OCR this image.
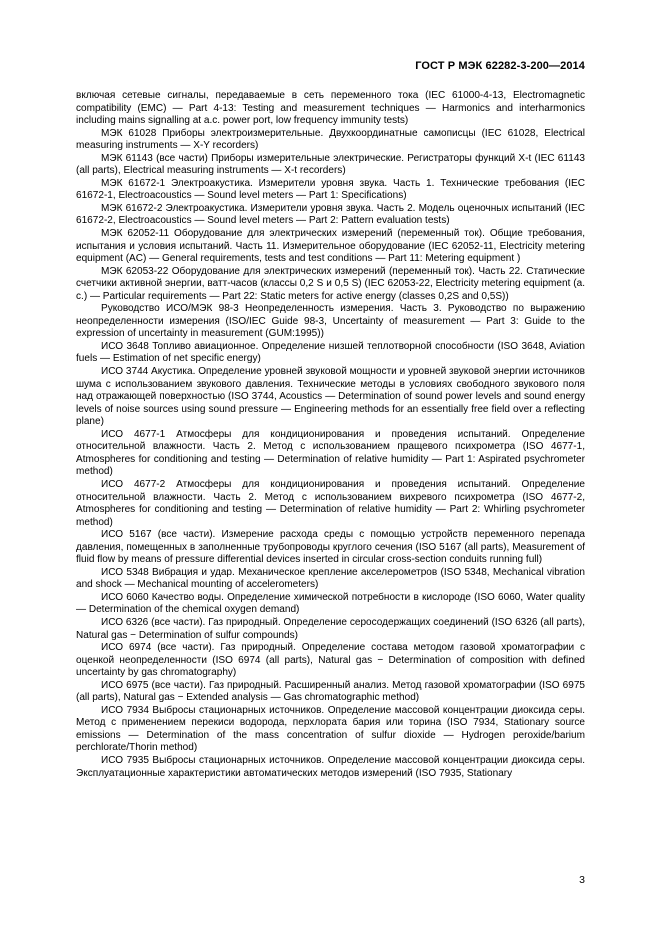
ГОСТ Р МЭК 62282-3-200—2014

включая сетевые сигналы, передаваемые в сеть переменного тока (IEC 61000-4-13, Electromagnetic compatibility (EMC) — Part 4-13: Testing and measurement techniques — Harmonics and interharmonics including mains signalling at a.c. power port, low frequency immunity tests)

МЭК 61028 Приборы электроизмерительные. Двухкоординатные самописцы (IEC 61028, Electrical measuring instruments — X-Y recorders)

МЭК 61143 (все части) Приборы измерительные электрические. Регистраторы функций X-t (IEC 61143 (all parts), Electrical measuring instruments — X-t recorders)

МЭК 61672-1 Электроакустика. Измерители уровня звука. Часть 1. Технические требования (IEC 61672-1, Electroacoustics — Sound level meters — Part 1: Specifications)

МЭК 61672-2 Электроакустика. Измерители уровня звука. Часть 2. Модель оценочных испытаний (IEC 61672-2, Electroacoustics — Sound level meters — Part 2: Pattern evaluation tests)

МЭК 62052-11 Оборудование для электрических измерений (переменный ток). Общие требования, испытания и условия испытаний. Часть 11. Измерительное оборудование (IEC 62052-11, Electricity metering equipment (AC) — General requirements, tests and test conditions — Part 11: Metering equipment )

МЭК 62053-22 Оборудование для электрических измерений (переменный ток). Часть 22. Статические счетчики активной энергии, ватт-часов (классы 0,2 S и 0,5 S) (IEC 62053-22, Electricity metering equipment (a. c.) — Particular requirements — Part 22: Static meters for active energy (classes 0,2S and 0,5S))

Руководство ИСО/МЭК 98-3 Неопределенность измерения. Часть 3. Руководство по выражению неопределенности измерения (ISO/IEC Guide 98-3, Uncertainty of measurement — Part 3: Guide to the expression of uncertainty in measurement (GUM:1995))

ИСО 3648 Топливо авиационное. Определение низшей теплотворной способности (ISO 3648, Aviation fuels — Estimation of net specific energy)

ИСО 3744 Акустика. Определение уровней звуковой мощности и уровней звуковой энергии источников шума с использованием звукового давления. Технические методы в условиях свободного звукового поля над отражающей поверхностью (ISO 3744, Acoustics — Determination of sound power levels and sound energy levels of noise sources using sound pressure — Engineering methods for an essentially free field over a reflecting plane)

ИСО 4677-1 Атмосферы для кондиционирования и проведения испытаний. Определение относительной влажности. Часть 2. Метод с использованием пращевого психрометра (ISO 4677-1, Atmospheres for conditioning and testing — Determination of relative humidity — Part 1: Aspirated psychrometer method)

ИСО 4677-2 Атмосферы для кондиционирования и проведения испытаний. Определение относительной влажности. Часть 2. Метод с использованием вихревого психрометра (ISO 4677-2, Atmospheres for conditioning and testing — Determination of relative humidity — Part 2: Whirling psychrometer method)

ИСО 5167 (все части). Измерение расхода среды с помощью устройств переменного перепада давления, помещенных в заполненные трубопроводы круглого сечения (ISO 5167 (all parts), Measurement of fluid flow by means of pressure differential devices inserted in circular cross-section conduits running full)

ИСО 5348 Вибрация и удар. Механическое крепление акселерометров (ISO 5348, Mechanical vibration and shock — Mechanical mounting of accelerometers)

ИСО 6060 Качество воды. Определение химической потребности в кислороде (ISO 6060, Water quality — Determination of the chemical oxygen demand)

ИСО 6326 (все части). Газ природный. Определение серосодержащих соединений (ISO 6326 (all parts), Natural gas − Determination of sulfur compounds)

ИСО 6974 (все части). Газ природный. Определение состава методом газовой хроматографии с оценкой неопределенности (ISO 6974 (all parts), Natural gas − Determination of composition with defined uncertainty by gas chromatography)

ИСО 6975 (все части). Газ природный. Расширенный анализ. Метод газовой хроматографии (ISO 6975 (all parts), Natural gas − Extended analysis — Gas chromatographic method)

ИСО 7934 Выбросы стационарных источников. Определение массовой концентрации диоксида серы. Метод с применением перекиси водорода, перхлората бария или торина (ISO 7934, Stationary source emissions — Determination of the mass concentration of sulfur dioxide — Hydrogen peroxide/barium perchlorate/Thorin method)

ИСО 7935 Выбросы стационарных источников. Определение массовой концентрации диоксида серы. Эксплуатационные характеристики автоматических методов измерений (ISO 7935, Stationary

3
